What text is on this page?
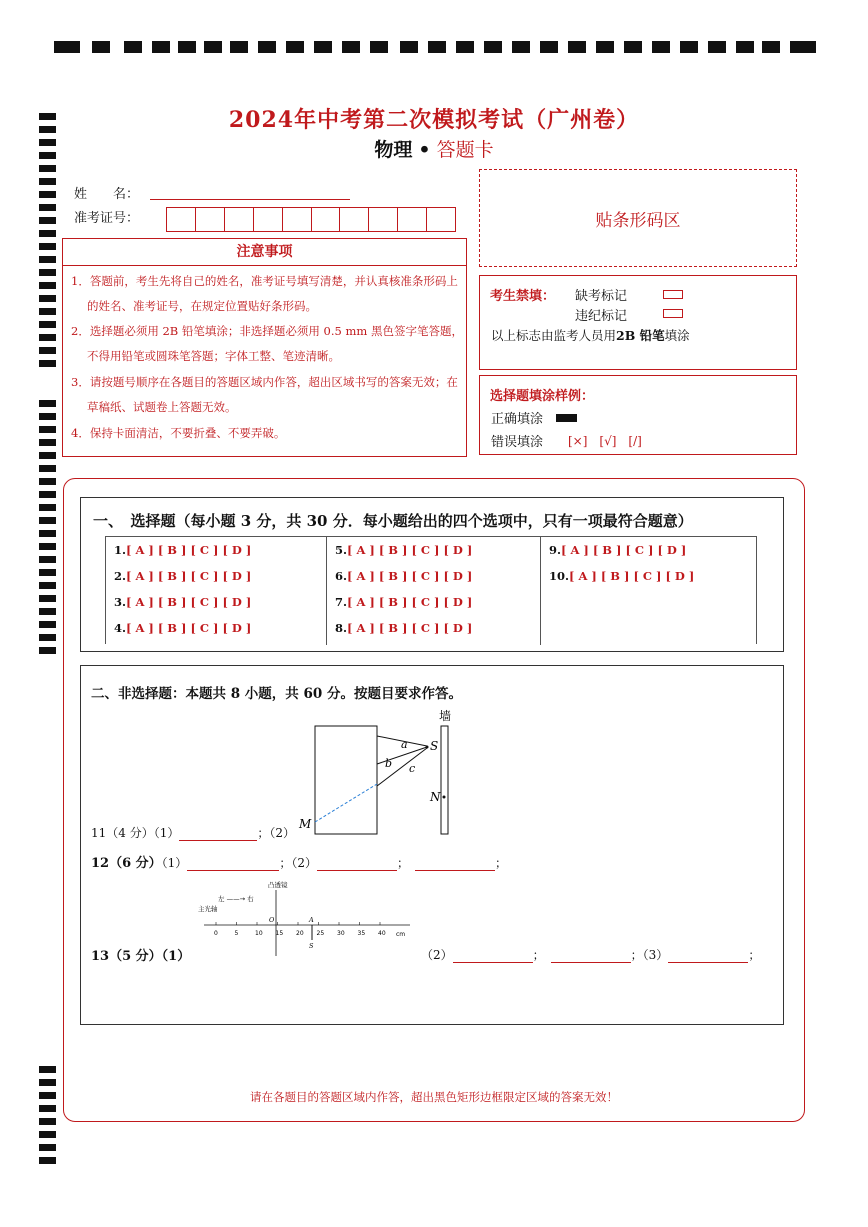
2024年中考第二次模拟考试（广州卷）
物理 • 答题卡
姓　　名：
准考证号：	贴条形码区
注意事项
1．答题前，考生先将自己的姓名，准考证号填写清楚，并认真核准条形码上的姓名、准考证号，在规定位置贴好条形码。
2．选择题必须用 2B 铅笔填涂；非选择题必须用 0.5 mm 黑色签字笔答题，不得用铅笔或圆珠笔答题；字体工整、笔迹清晰。
3．请按题号顺序在各题目的答题区域内作答，超出区域书写的答案无效；在草稿纸、试题卷上答题无效。
4．保持卡面清洁，不要折叠、不要弄破。
考生禁填： 缺考标记
违纪标记
以上标志由监考人员用2B 铅笔填涂
选择题填涂样例：
正确填涂
错误填涂 [×]　[√]　[/]
一、　选择题（每小题 3 分，共 30 分．每小题给出的四个选项中，只有一项最符合题意）
1.[ A ] [ B ] [ C ] [ D ]
2.[ A ] [ B ] [ C ] [ D ]
3.[ A ] [ B ] [ C ] [ D ]
4.[ A ] [ B ] [ C ] [ D ]
5.[ A ] [ B ] [ C ] [ D ]
6.[ A ] [ B ] [ C ] [ D ]
7.[ A ] [ B ] [ C ] [ D ]
8.[ A ] [ B ] [ C ] [ D ]
9.[ A ] [ B ] [ C ] [ D ]
10.[ A ] [ B ] [ C ] [ D ]
二、非选择题：本题共 8 小题，共 60 分。按题目要求作答。
墙
S
N
M
a
b c
11（4 分）（1）	；（2）
12（6 分）（1）	；（2）	；　	；
凸透镜
左 ——→ 右
主光轴
0	5	10 15 20 25 30 35 40
O	A
S
cm
13（5 分）（1）	（2）	；　	；（3）	；
请在各题目的答题区域内作答，超出黑色矩形边框限定区域的答案无效！
